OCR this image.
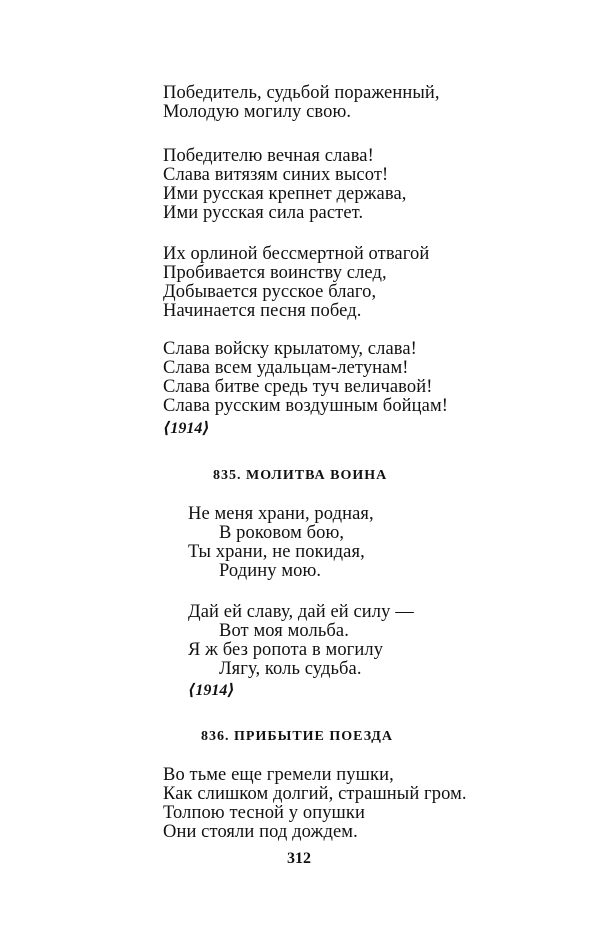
Победитель, судьбой пораженный,
Молодую могилу свою.
Победителю вечная слава!
Слава витязям синих высот!
Ими русская крепнет держава,
Ими русская сила растет.
Их орлиной бессмертной отвагой
Пробивается воинству след,
Добывается русское благо,
Начинается песня побед.
Слава войску крылатому, слава!
Слава всем удальцам-летунам!
Слава битве средь туч величавой!
Слава русским воздушным бойцам!
⟨1914⟩
835. МОЛИТВА ВОИНА
Не меня храни, родная,
В роковом бою,
Ты храни, не покидая,
Родину мою.
Дай ей славу, дай ей силу —
Вот моя мольба.
Я ж без ропота в могилу
Лягу, коль судьба.
⟨1914⟩
836. ПРИБЫТИЕ ПОЕЗДА
Во тьме еще гремели пушки,
Как слишком долгий, страшный гром.
Толпою тесной у опушки
Они стояли под дождем.
312
